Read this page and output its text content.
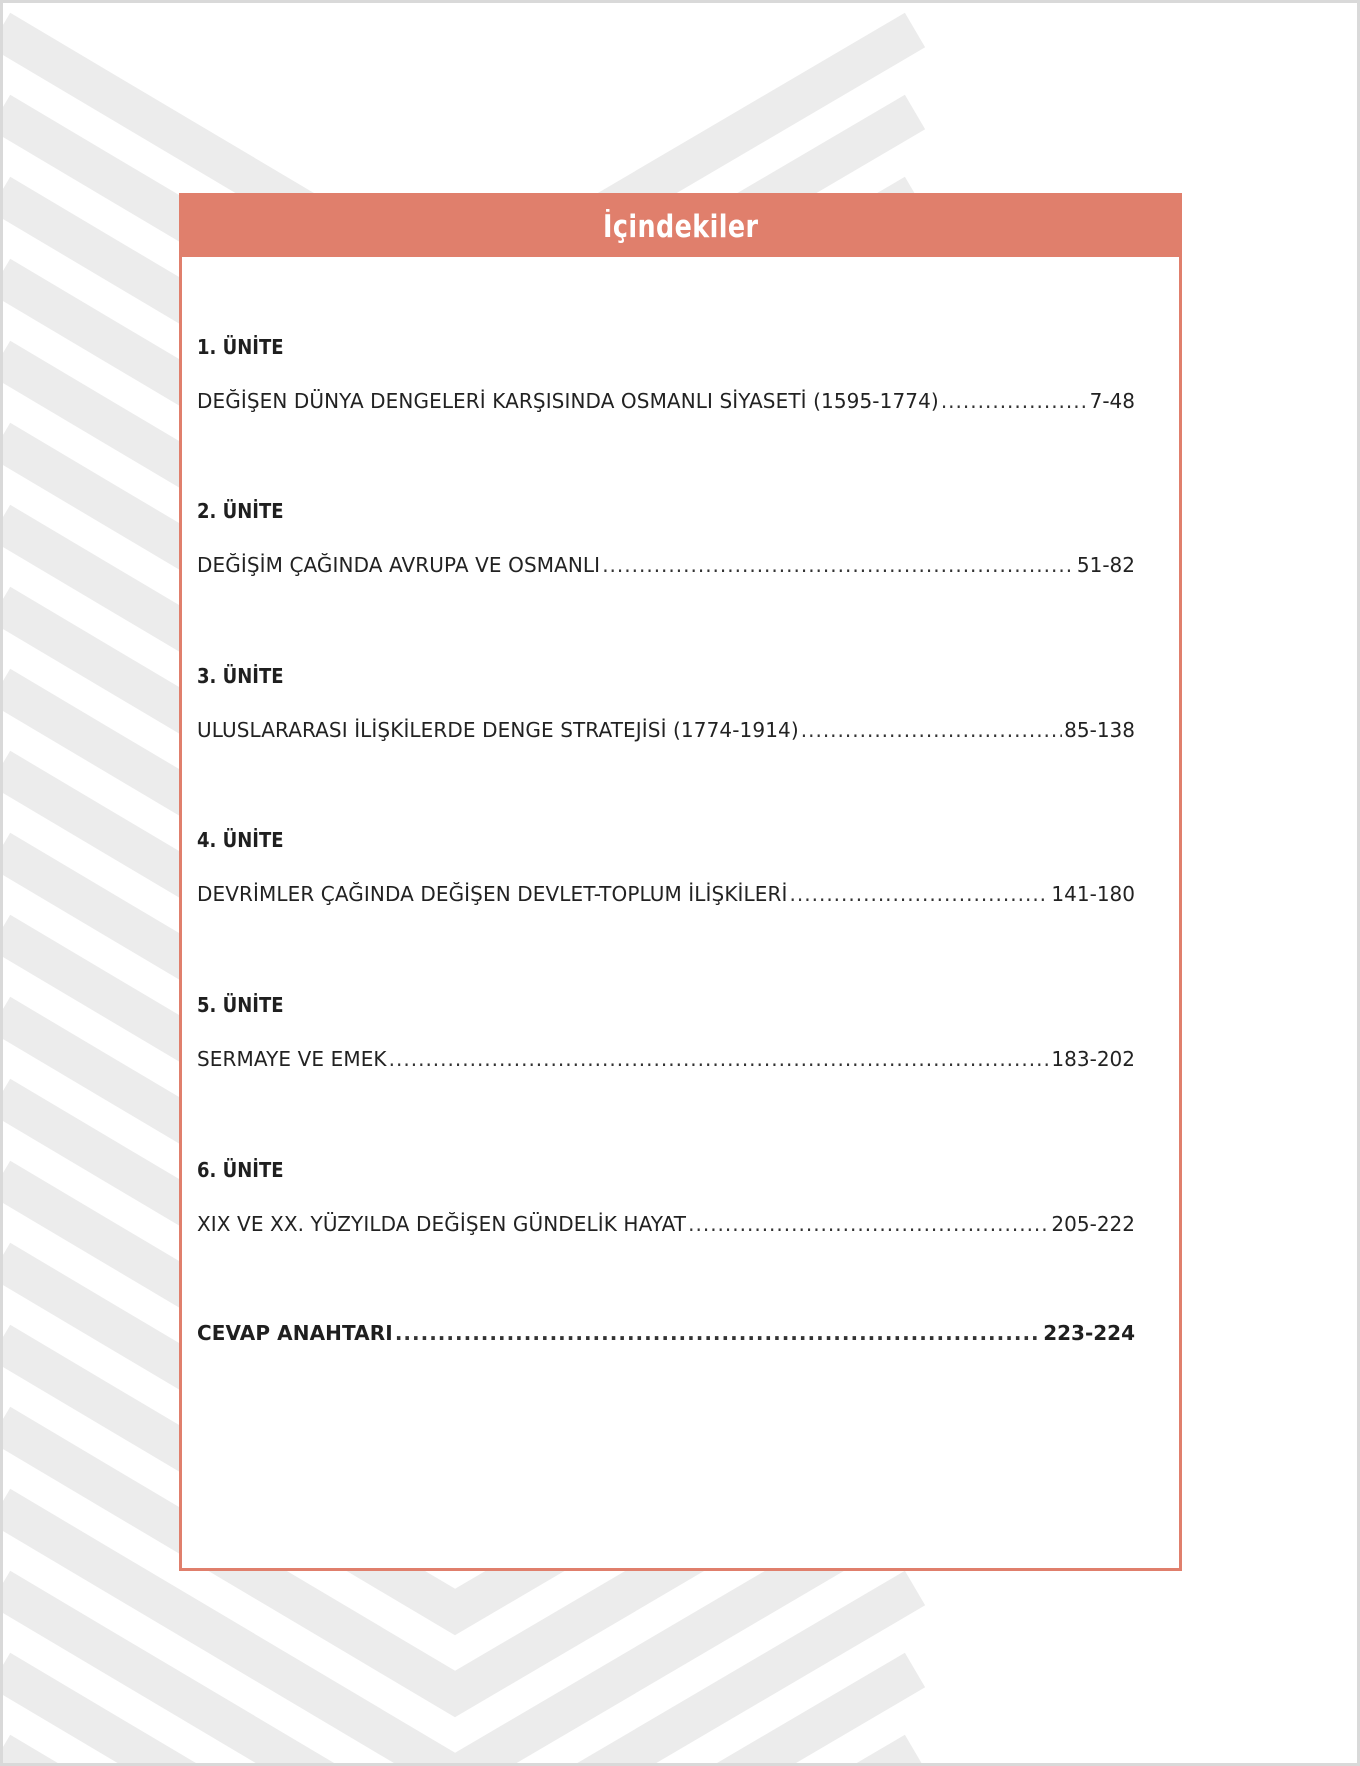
İçindekiler
1. ÜNİTE
DEĞİŞEN DÜNYA DENGELERİ KARŞISINDA OSMANLI SİYASETİ (1595-1774) .....	7-48
2. ÜNİTE
DEĞİŞİM ÇAĞINDA AVRUPA VE OSMANLI .....	51-82
3. ÜNİTE
ULUSLARARASI İLİŞKİLERDE DENGE STRATEJİSİ (1774-1914) .....	85-138
4. ÜNİTE
DEVRİMLER ÇAĞINDA DEĞİŞEN DEVLET-TOPLUM İLİŞKİLERİ .....	141-180
5. ÜNİTE
SERMAYE VE EMEK .....	183-202
6. ÜNİTE
XIX VE XX. YÜZYILDA DEĞİŞEN GÜNDELİK HAYAT .....	205-222
CEVAP ANAHTARI .....	223-224
